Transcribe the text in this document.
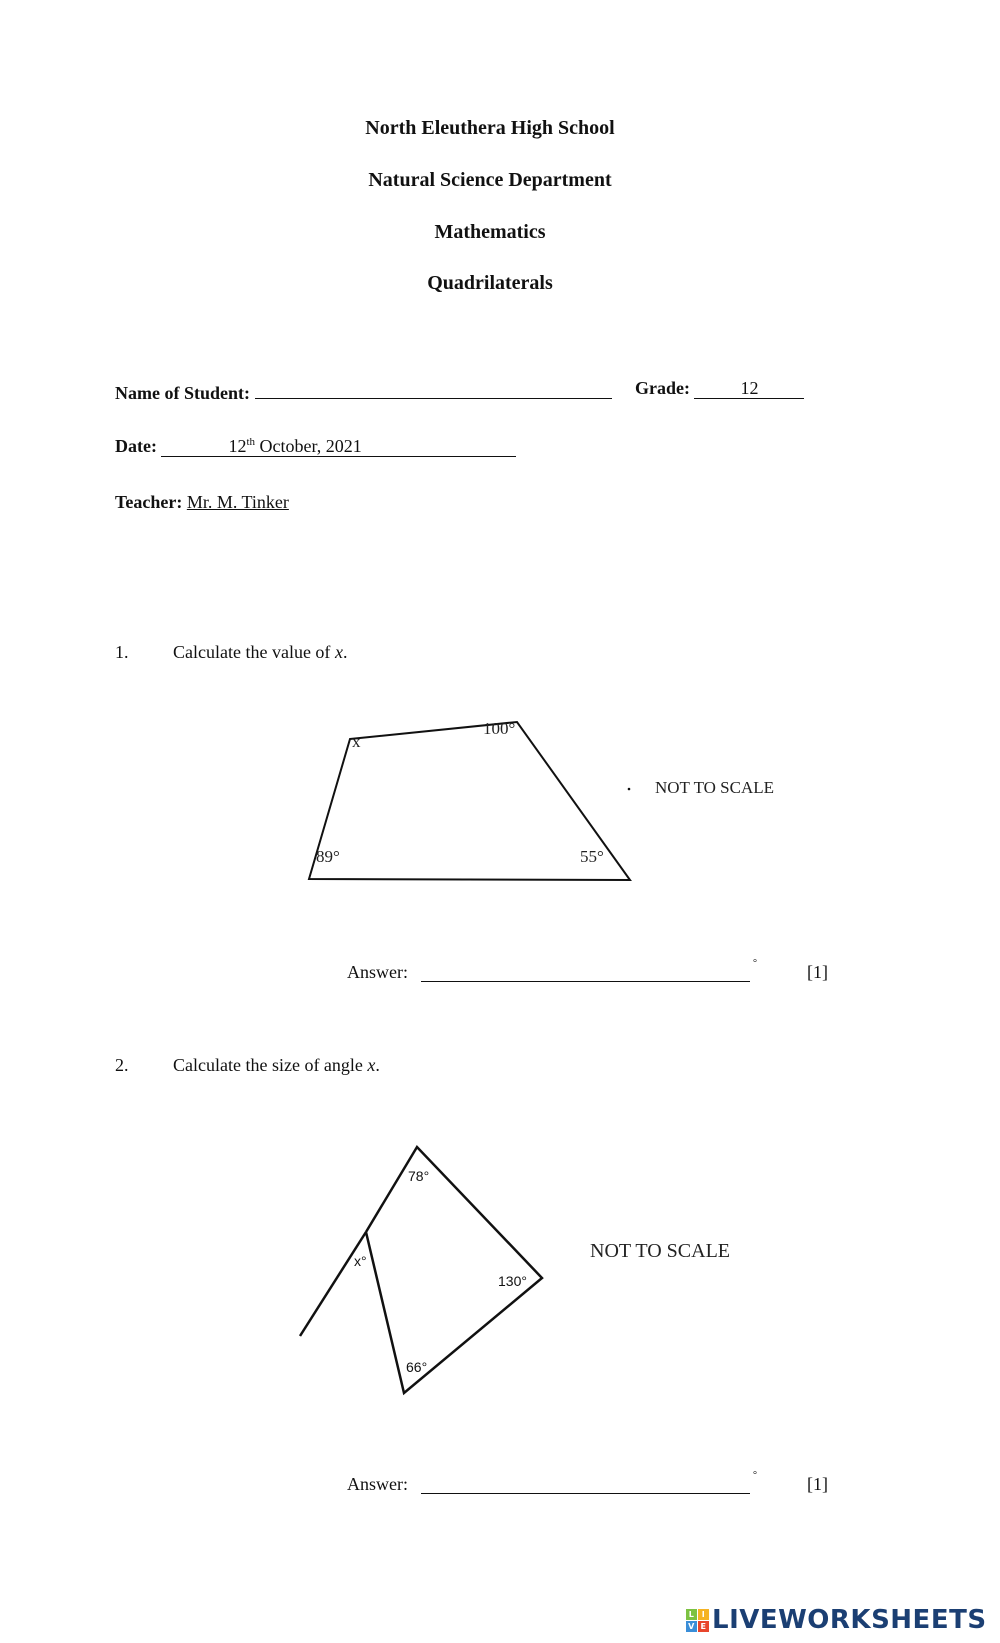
North Eleuthera High School
Natural Science Department
Mathematics
Quadrilaterals
Name of Student:	Grade:	12
Date:	12th October, 2021
Teacher: Mr. M. Tinker
1. Calculate the value of x.
x
100°
89°	55°
NOT TO SCALE
78°
x°
130°
66°
NOT TO SCALE
Answer:	°	[1]
2. Calculate the size of angle x.
Answer:	°	[1]
L I
V E LIVEWORKSHEETS
